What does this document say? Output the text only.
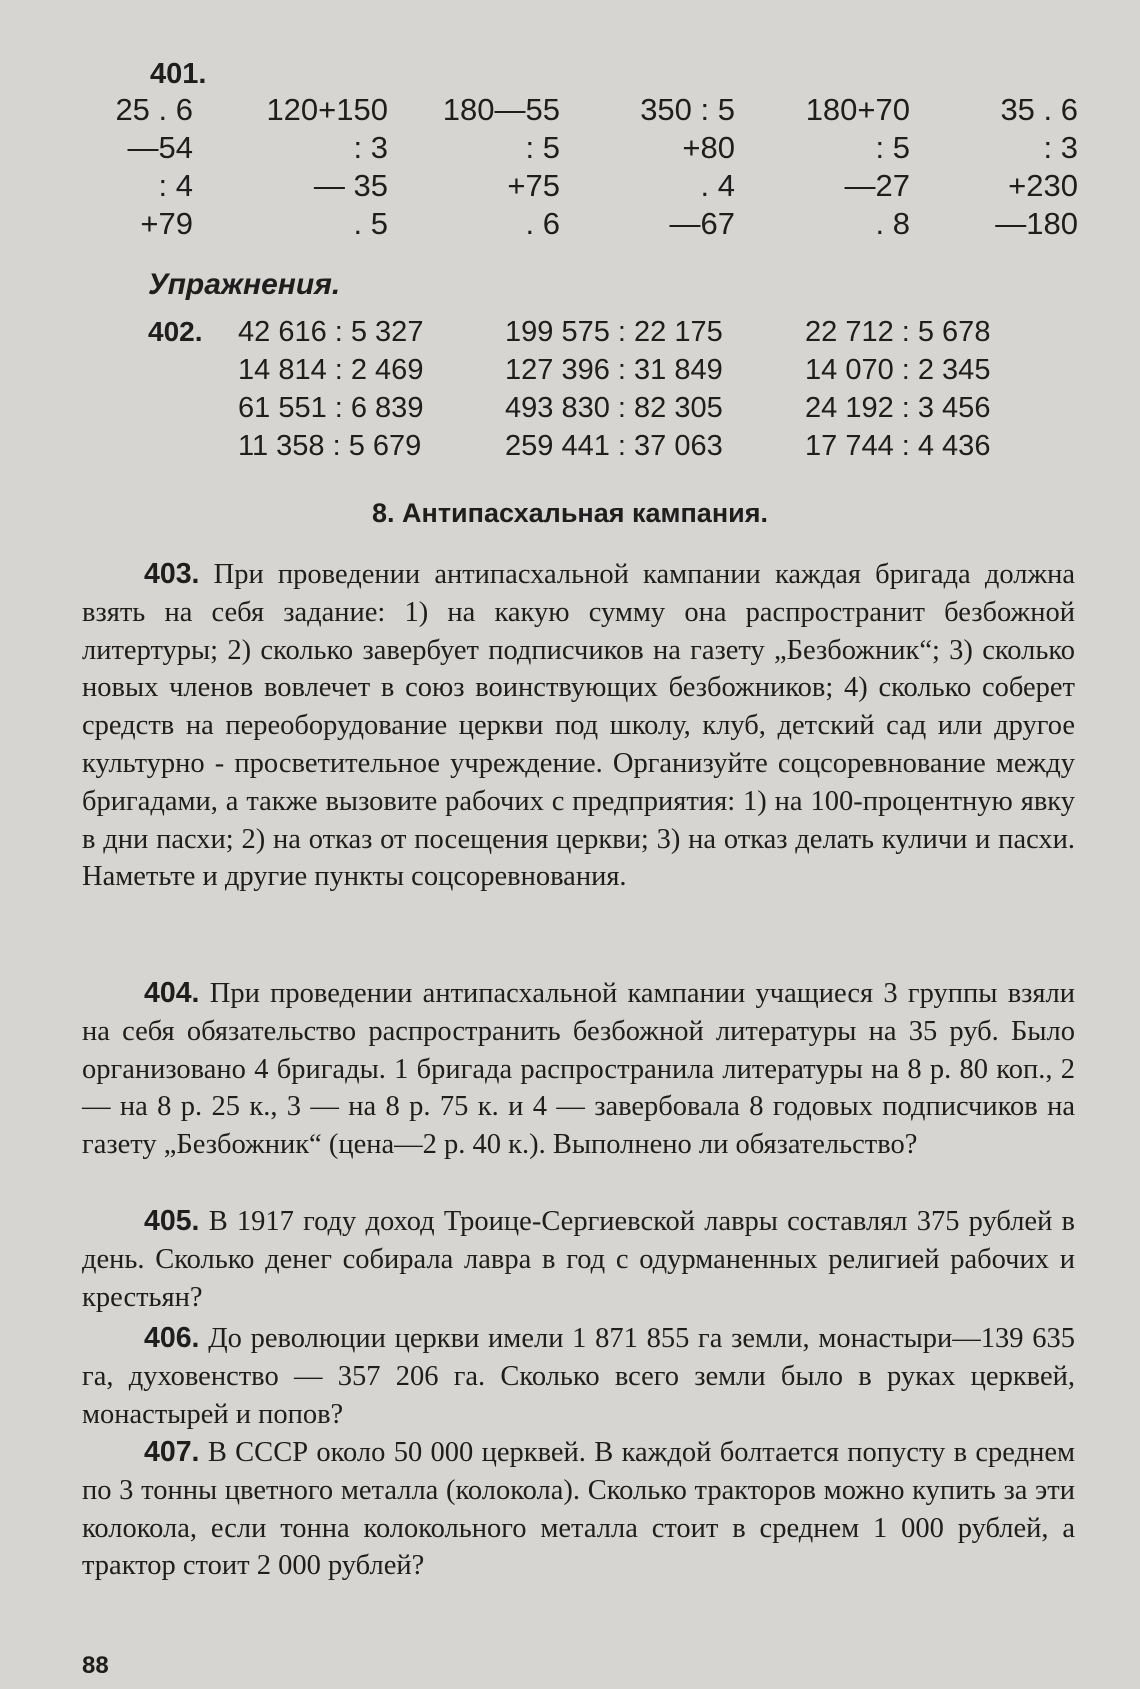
401.
25 . 6
—54
: 4
+79
120+150
: 3
— 35
. 5
180—55
: 5
+75
. 6
350 : 5
+80
. 4
—67
180+70
: 5
—27
. 8
35 . 6
: 3
+230
—180
Упражнения.
402. 42 616 : 5 327
14 814 : 2 469
61 551 : 6 839
11 358 : 5 679
199 575 : 22 175
127 396 : 31 849
493 830 : 82 305
259 441 : 37 063
22 712 : 5 678
14 070 : 2 345
24 192 : 3 456
17 744 : 4 436
8. Антипасхальная кампания.
403. При проведении антипасхальной кампании каждая бригада должна взять на себя задание: 1) на какую сумму она распространит безбожной литертуры; 2) сколько завербует подписчиков на газету „Безбожник“; 3) сколько новых членов вовлечет в союз воинствующих безбожников; 4) сколько соберет средств на переоборудование церкви под школу, клуб, детский сад или другое культурно - просветительное учреждение. Организуйте соцсоревнование между бригадами, а также вызовите рабочих с предприятия: 1) на 100-процентную явку в дни пасхи; 2) на отказ от посещения церкви; 3) на отказ делать куличи и пасхи. Наметьте и другие пункты соцсоревнования.
404. При проведении антипасхальной кампании учащиеся 3 группы взяли на себя обязательство распространить безбожной литературы на 35 руб. Было организовано 4 бригады. 1 бригада распространила литературы на 8 р. 80 коп., 2 — на 8 р. 25 к., 3 — на 8 р. 75 к. и 4 — завербовала 8 годовых подписчиков на газету „Безбожник“ (цена—2 р. 40 к.). Выполнено ли обязательство?
405. В 1917 году доход Троице-Сергиевской лавры составлял 375 рублей в день. Сколько денег собирала лавра в год с одурманенных религией рабочих и крестьян?
406. До революции церкви имели 1 871 855 га земли, монастыри—139 635 га, духовенство — 357 206 га. Сколько всего земли было в руках церквей, монастырей и попов?
407. В СССР около 50 000 церквей. В каждой болтается попусту в среднем по 3 тонны цветного металла (колокола). Сколько тракторов можно купить за эти колокола, если тонна колокольного металла стоит в среднем 1 000 рублей, а трактор стоит 2 000 рублей?
88
